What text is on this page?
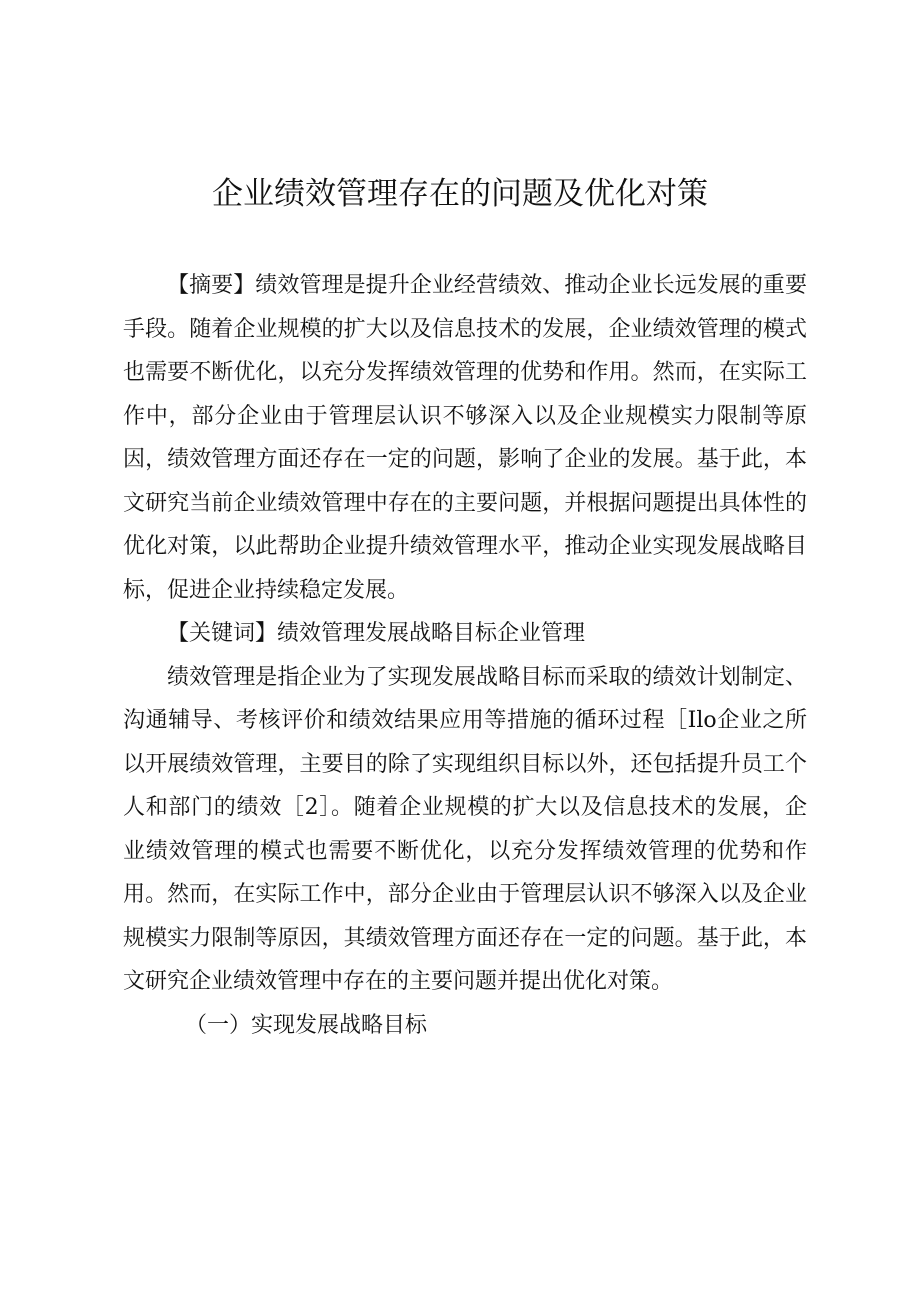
企业绩效管理存在的问题及优化对策

【摘要】绩效管理是提升企业经营绩效、推动企业长远发展的重要手段。随着企业规模的扩大以及信息技术的发展，企业绩效管理的模式也需要不断优化，以充分发挥绩效管理的优势和作用。然而，在实际工作中，部分企业由于管理层认识不够深入以及企业规模实力限制等原因，绩效管理方面还存在一定的问题，影响了企业的发展。基于此，本文研究当前企业绩效管理中存在的主要问题，并根据问题提出具体性的优化对策，以此帮助企业提升绩效管理水平，推动企业实现发展战略目标，促进企业持续稳定发展。

【关键词】绩效管理发展战略目标企业管理

绩效管理是指企业为了实现发展战略目标而采取的绩效计划制定、沟通辅导、考核评价和绩效结果应用等措施的循环过程［Ilo企业之所以开展绩效管理，主要目的除了实现组织目标以外，还包括提升员工个人和部门的绩效［2］。随着企业规模的扩大以及信息技术的发展，企业绩效管理的模式也需要不断优化，以充分发挥绩效管理的优势和作用。然而，在实际工作中，部分企业由于管理层认识不够深入以及企业规模实力限制等原因，其绩效管理方面还存在一定的问题。基于此，本文研究企业绩效管理中存在的主要问题并提出优化对策。

（一）实现发展战略目标
